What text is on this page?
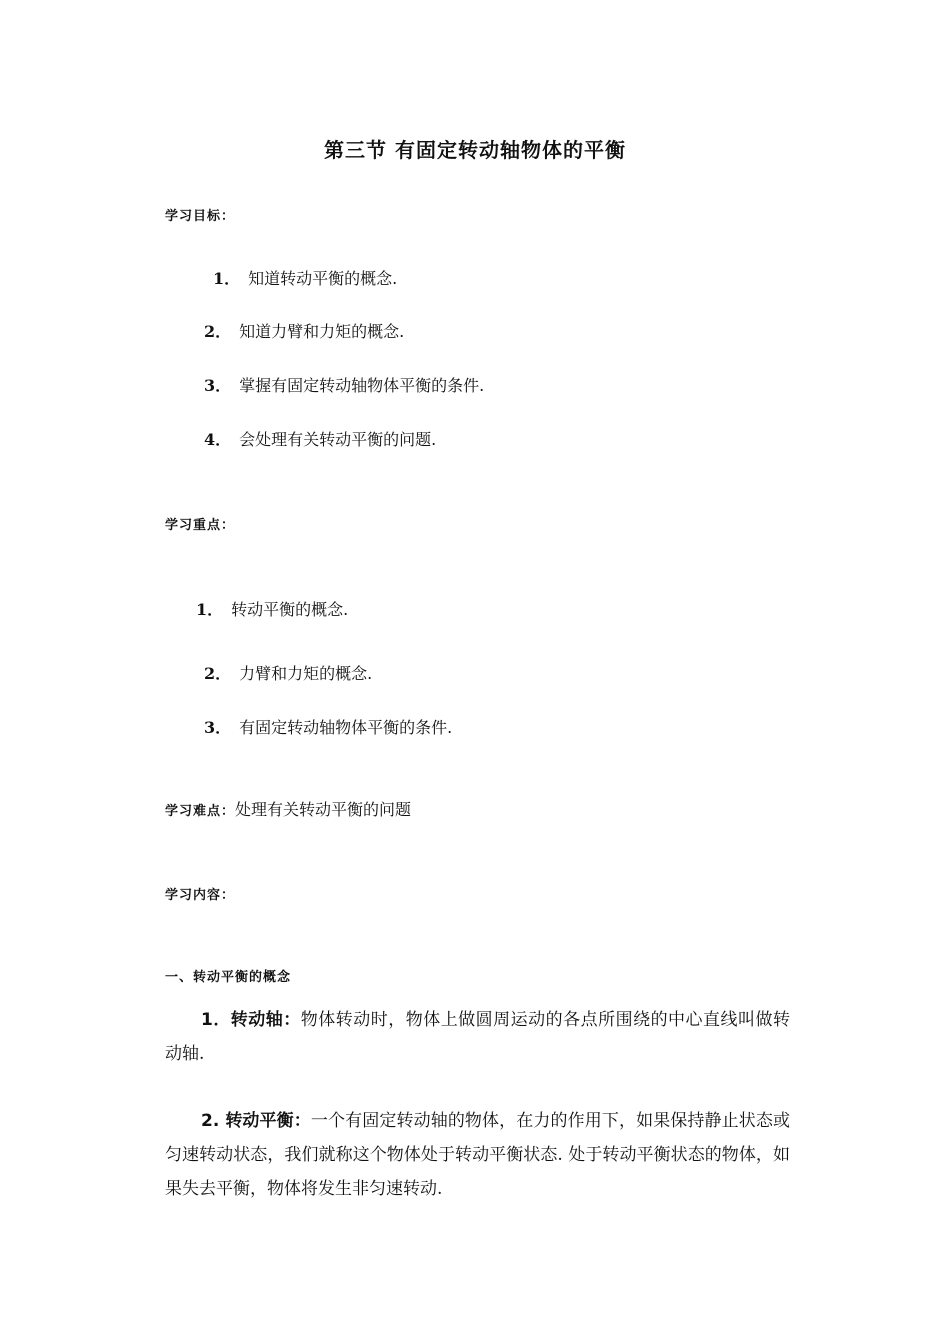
第三节 有固定转动轴物体的平衡
学习目标：
1． 知道转动平衡的概念.
2． 知道力臂和力矩的概念.
3． 掌握有固定转动轴物体平衡的条件.
4． 会处理有关转动平衡的问题.
学习重点：
1． 转动平衡的概念.
2． 力臂和力矩的概念.
3． 有固定转动轴物体平衡的条件.
学习难点：处理有关转动平衡的问题
学习内容：
一、转动平衡的概念
1．转动轴：物体转动时，物体上做圆周运动的各点所围绕的中心直线叫做转动轴.
2. 转动平衡：一个有固定转动轴的物体，在力的作用下，如果保持静止状态或匀速转动状态，我们就称这个物体处于转动平衡状态. 处于转动平衡状态的物体，如果失去平衡，物体将发生非匀速转动.
